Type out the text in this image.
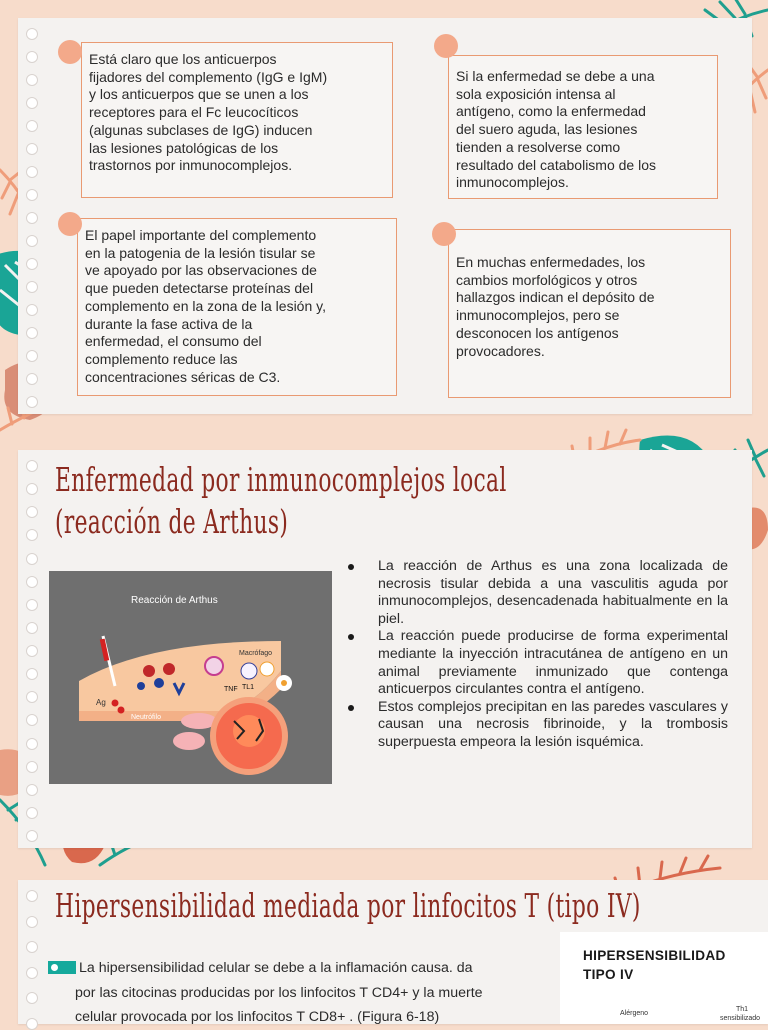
Está claro que los anticuerpos
fijadores del complemento (IgG e IgM)
y los anticuerpos que se unen a los
receptores para el Fc leucocíticos
(algunas subclases de IgG) inducen
las lesiones patológicas de los
trastornos por inmunocomplejos.
Si la enfermedad se debe a una
sola exposición intensa al
antígeno, como la enfermedad
del suero aguda, las lesiones
tienden a resolverse como
resultado del catabolismo de los
inmunocomplejos.
El papel importante del complemento
en la patogenia de la lesión tisular se
ve apoyado por las observaciones de
que pueden detectarse proteínas del
complemento en la zona de la lesión y,
durante la fase activa de la
enfermedad, el consumo del
complemento reduce las
concentraciones séricas de C3.
En muchas enfermedades, los
cambios morfológicos y otros
hallazgos indican el depósito de
inmunocomplejos, pero se
desconocen los antígenos
provocadores.
Enfermedad por inmunocomplejos local
(reacción de Arthus)
Reacción de Arthus
Ag
Macrófago
TNF TL1
Neutrófilo
La reacción de Arthus es una zona localizada de necrosis tisular debida a una vasculitis aguda por inmunocomplejos, desencadenada habitualmente en la piel.
La reacción puede producirse de forma experimental mediante la inyección intracutánea de antígeno en un animal previamente inmunizado que contenga anticuerpos circulantes contra el antígeno.
Estos complejos precipitan en las paredes vasculares y causan una necrosis fibrinoide, y la trombosis superpuesta empeora la lesión isquémica.
Hipersensibilidad mediada por linfocitos T (tipo IV)
La hipersensibilidad celular se debe a la inflamación causa. da
por las citocinas producidas por los linfocitos T CD4+ y la muerte
celular provocada por los linfocitos T CD8+ . (Figura 6-18)
HIPERSENSIBILIDAD
TIPO IV
Alérgeno
Th1
sensibilizado
